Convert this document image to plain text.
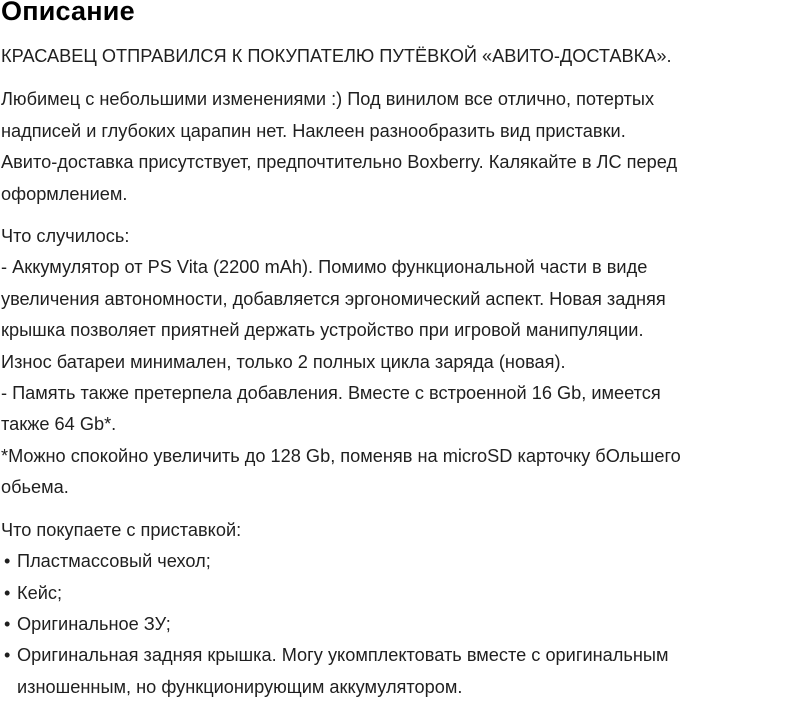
Описание

КРАСАВЕЦ ОТПРАВИЛСЯ К ПОКУПАТЕЛЮ ПУТЁВКОЙ «АВИТО-ДОСТАВКА».

Любимец с небольшими изменениями :) Под винилом все отлично, потертых
надписей и глубоких царапин нет. Наклеен разнообразить вид приставки.
Авито-доставка присутствует, предпочтительно Boxberry. Калякайте в ЛС перед
оформлением.

Что случилось:
- Аккумулятор от PS Vita (2200 mAh). Помимо функциональной части в виде
увеличения автономности, добавляется эргономический аспект. Новая задняя
крышка позволяет приятней держать устройство при игровой манипуляции.
Износ батареи минимален, только 2 полных цикла заряда (новая).
- Память также претерпела добавления. Вместе с встроенной 16 Gb, имеется
также 64 Gb*.
*Можно спокойно увеличить до 128 Gb, поменяв на microSD карточку бОльшего
обьема.

Что покупаете с приставкой:

• Пластмассовый чехол;
• Кейс;
• Оригинальное ЗУ;
• Оригинальная задняя крышка. Могу укомплектовать вместе с оригинальным
изношенным, но функционирующим аккумулятором.
